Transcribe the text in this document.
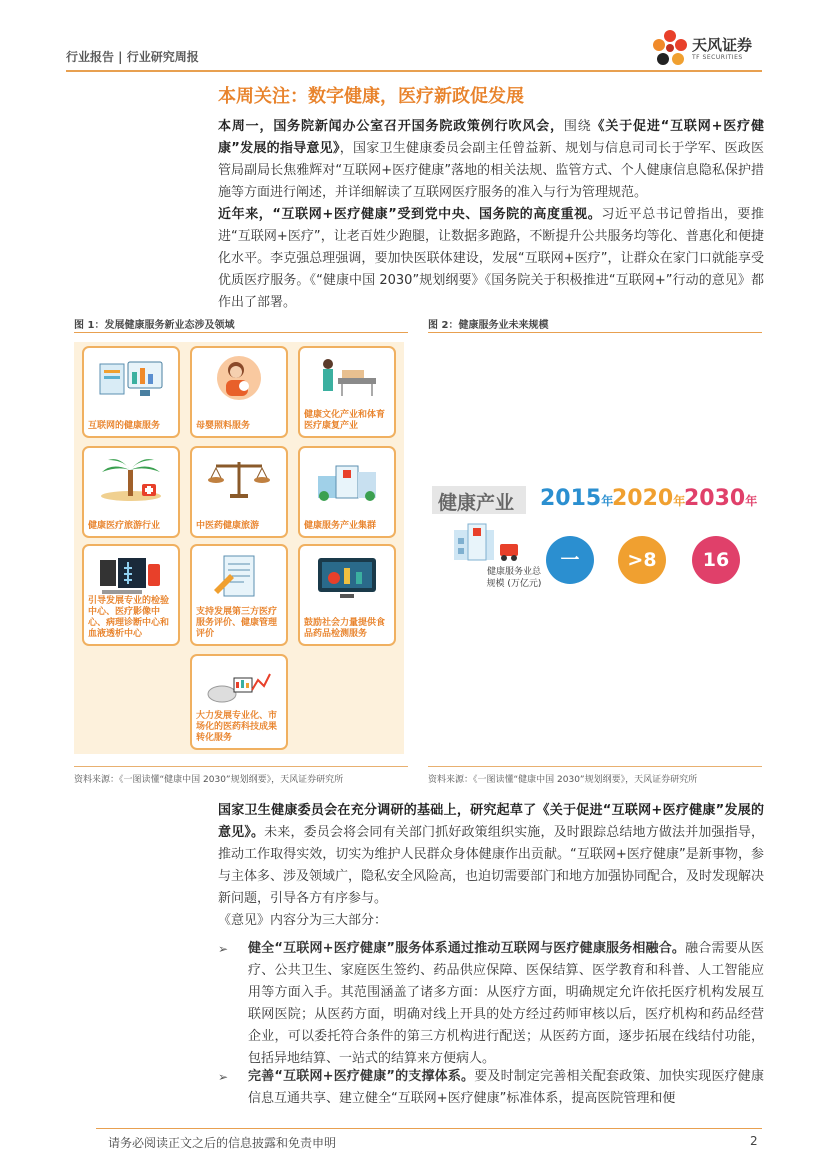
行业报告 | 行业研究周报
天风证券
TF SECURITIES
本周关注：数字健康，医疗新政促发展
本周一，国务院新闻办公室召开国务院政策例行吹风会，围绕《关于促进“互联网+医疗健康”发展的指导意见》，国家卫生健康委员会副主任曾益新、规划与信息司司长于学军、医政医管局副局长焦雅辉对“互联网+医疗健康”落地的相关法规、监管方式、个人健康信息隐私保护措施等方面进行阐述，并详细解读了互联网医疗服务的准入与行为管理规范。
近年来，“互联网+医疗健康”受到党中央、国务院的高度重视。习近平总书记曾指出，要推进“互联网+医疗”，让老百姓少跑腿，让数据多跑路，不断提升公共服务均等化、普惠化和便捷化水平。李克强总理强调，要加快医联体建设，发展“互联网+医疗”，让群众在家门口就能享受优质医疗服务。《“健康中国 2030”规划纲要》《国务院关于积极推进“互联网+”行动的意见》都作出了部署。
图 1：发展健康服务新业态涉及领域
互联网的健康服务	母婴照料服务
健康文化产业和体育医疗康复产业
健康医疗旅游行业	中医药健康旅游	健康服务产业集群
引导发展专业的检验中心、医疗影像中心、病理诊断中心和血液透析中心
支持发展第三方医疗服务评价、健康管理评价
鼓励社会力量提供食品药品检测服务
大力发展专业化、市场化的医药科技成果转化服务
资料来源：《一图读懂“健康中国 2030”规划纲要》，天风证券研究所
图 2：健康服务业未来规模
健康产业 2015年
2020年
2030年
健康服务业总规模 (万亿元)
一	>8	16
资料来源：《一图读懂“健康中国 2030”规划纲要》，天风证券研究所
国家卫生健康委员会在充分调研的基础上，研究起草了《关于促进“互联网+医疗健康”发展的意见》。未来，委员会将会同有关部门抓好政策组织实施，及时跟踪总结地方做法并加强指导，推动工作取得实效，切实为维护人民群众身体健康作出贡献。“互联网+医疗健康”是新事物，参与主体多、涉及领域广，隐私安全风险高，也迫切需要部门和地方加强协同配合，及时发现解决新问题，引导各方有序参与。
《意见》内容分为三大部分：
➢ 健全“互联网+医疗健康”服务体系通过推动互联网与医疗健康服务相融合。融合需要从医疗、公共卫生、家庭医生签约、药品供应保障、医保结算、医学教育和科普、人工智能应用等方面入手。其范围涵盖了诸多方面：从医疗方面，明确规定允许依托医疗机构发展互联网医院；从医药方面，明确对线上开具的处方经过药师审核以后，医疗机构和药品经营企业，可以委托符合条件的第三方机构进行配送；从医药方面，逐步拓展在线结付功能，包括异地结算、一站式的结算来方便病人。
➢ 完善“互联网+医疗健康”的支撑体系。要及时制定完善相关配套政策、加快实现医疗健康信息互通共享、建立健全“互联网+医疗健康”标准体系，提高医院管理和便
请务必阅读正文之后的信息披露和免责申明	2
